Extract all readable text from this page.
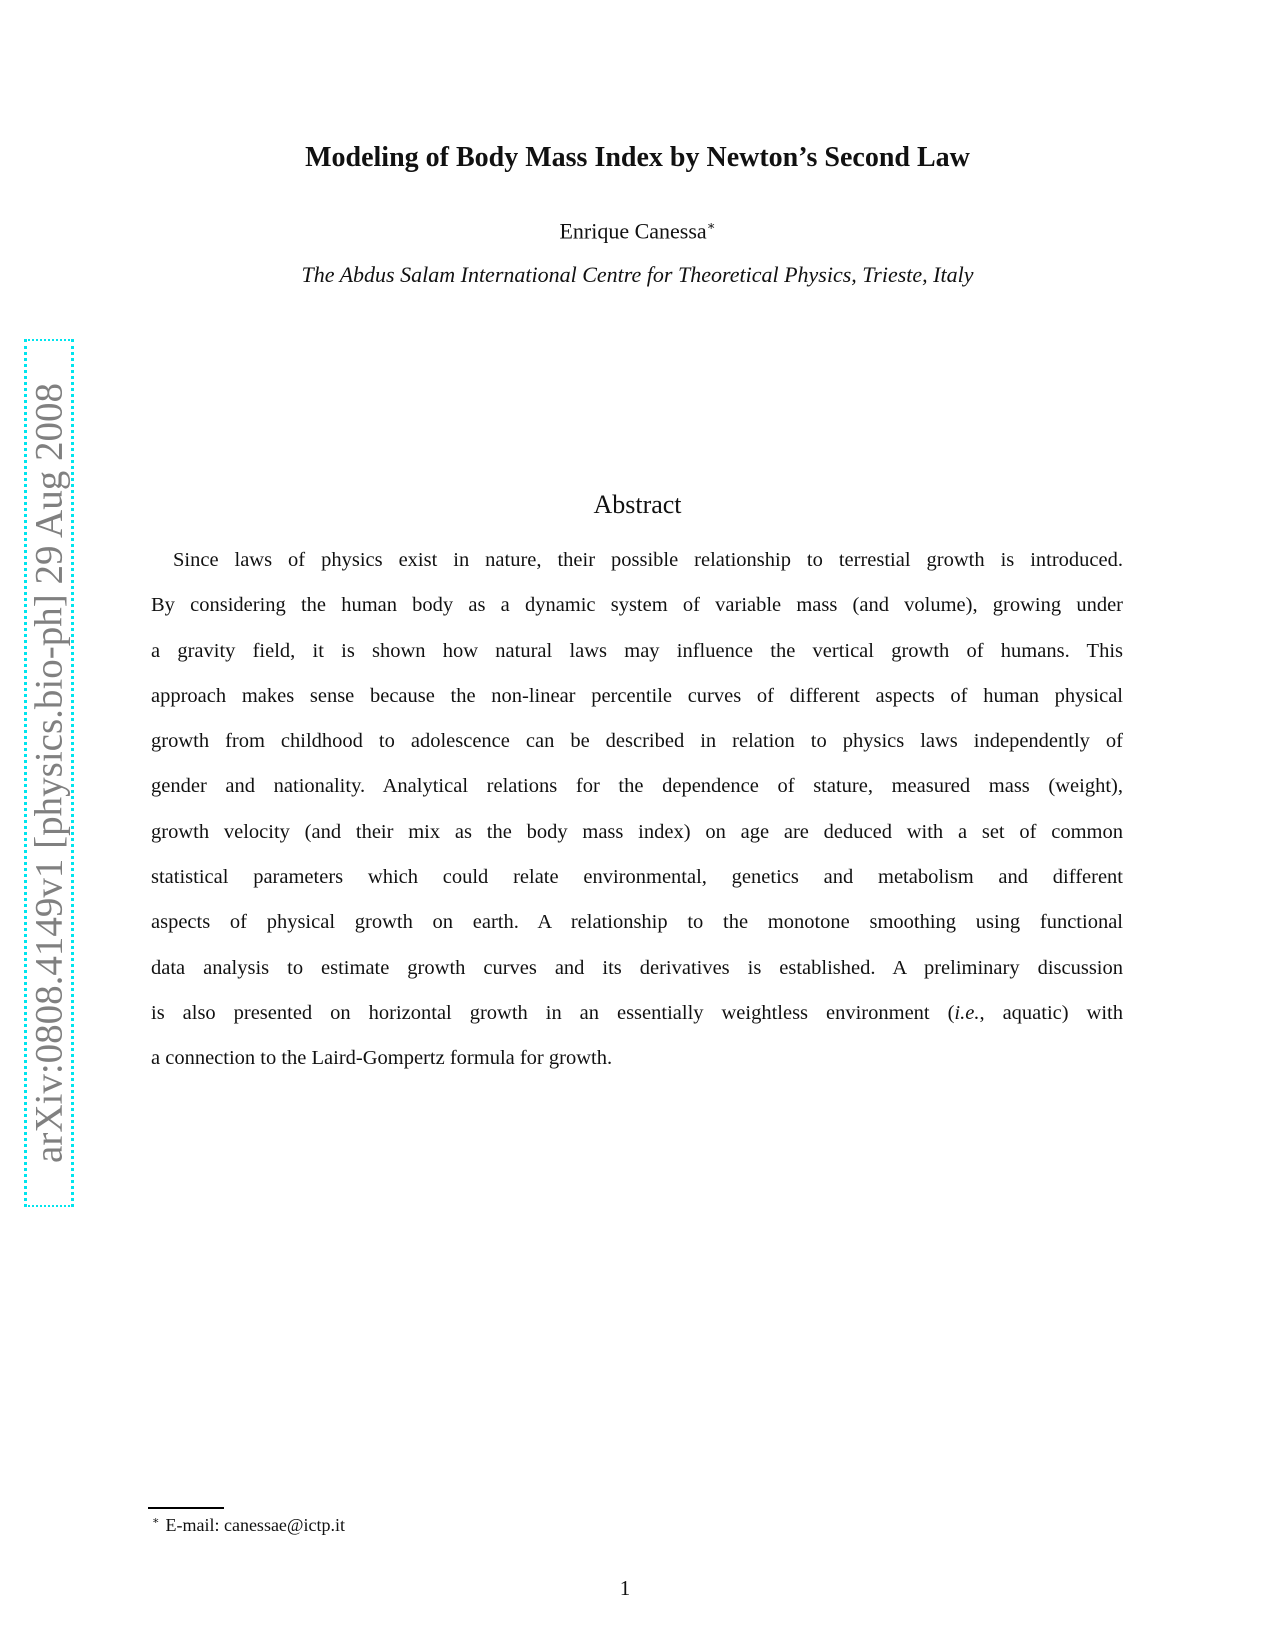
arXiv:0808.4149v1 [physics.bio-ph] 29 Aug 2008
Modeling of Body Mass Index by Newton’s Second Law
Enrique Canessa∗
The Abdus Salam International Centre for Theoretical Physics, Trieste, Italy
Abstract
Since laws of physics exist in nature, their possible relationship to terrestial growth is introduced.
By considering the human body as a dynamic system of variable mass (and volume), growing under
a gravity field, it is shown how natural laws may influence the vertical growth of humans. This
approach makes sense because the non-linear percentile curves of different aspects of human physical
growth from childhood to adolescence can be described in relation to physics laws independently of
gender and nationality. Analytical relations for the dependence of stature, measured mass (weight),
growth velocity (and their mix as the body mass index) on age are deduced with a set of common
statistical parameters which could relate environmental, genetics and metabolism and different
aspects of physical growth on earth. A relationship to the monotone smoothing using functional
data analysis to estimate growth curves and its derivatives is established. A preliminary discussion
is also presented on horizontal growth in an essentially weightless environment (i.e., aquatic) with
a connection to the Laird-Gompertz formula for growth.
∗ E-mail: canessae@ictp.it
1
